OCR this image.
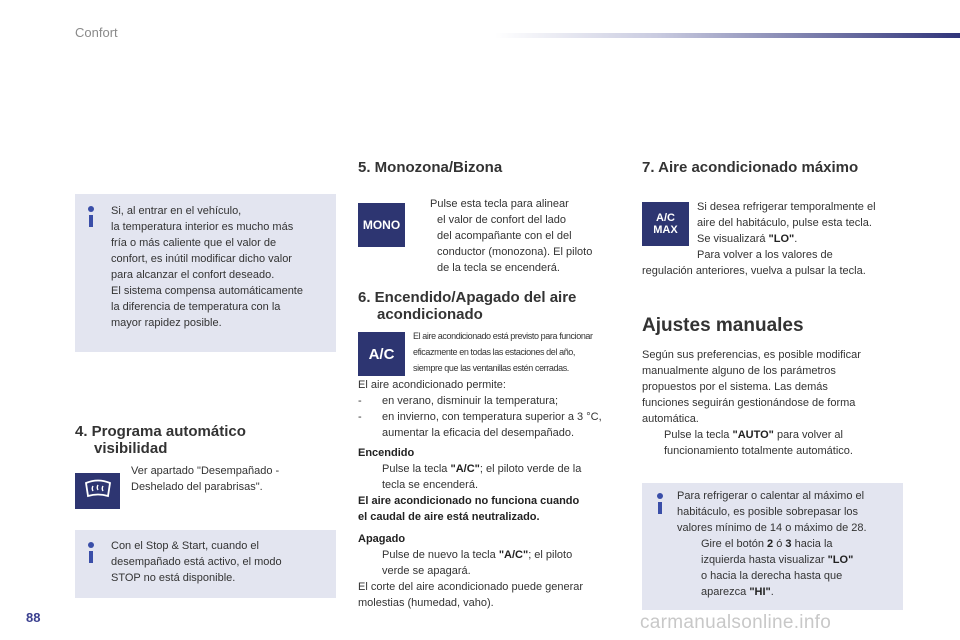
Confort
Si, al entrar en el vehículo,
la temperatura interior es mucho más
fría o más caliente que el valor de
confort, es inútil modificar dicho valor
para alcanzar el confort deseado.
El sistema compensa automáticamente
la diferencia de temperatura con la
mayor rapidez posible.
4. Programa automático
visibilidad
Ver apartado "Desempañado -
Deshelado del parabrisas".
Con el Stop & Start, cuando el
desempañado está activo, el modo
STOP no está disponible.
5. Monozona/Bizona
MONO
Pulse esta tecla para alinear
el valor de confort del lado
del acompañante con el del
conductor (monozona). El piloto
de la tecla se encenderá.
6. Encendido/Apagado del aire
acondicionado
A/C
El aire acondicionado está previsto para funcionar
eficazmente en todas las estaciones del año,
siempre que las ventanillas estén cerradas.
El aire acondicionado permite:
- en verano, disminuir la temperatura;
- en invierno, con temperatura superior a 3 °C,
aumentar la eficacia del desempañado.
Encendido
Pulse la tecla "A/C"; el piloto verde de la
tecla se encenderá.
El aire acondicionado no funciona cuando
el caudal de aire está neutralizado.
Apagado
Pulse de nuevo la tecla "A/C"; el piloto
verde se apagará.
El corte del aire acondicionado puede generar
molestias (humedad, vaho).
7. Aire acondicionado máximo
A/C
MAX
Si desea refrigerar temporalmente el
aire del habitáculo, pulse esta tecla.
Se visualizará "LO".
Para volver a los valores de
regulación anteriores, vuelva a pulsar la tecla.
Ajustes manuales
Según sus preferencias, es posible modificar
manualmente alguno de los parámetros
propuestos por el sistema. Las demás
funciones seguirán gestionándose de forma
automática.
Pulse la tecla "AUTO" para volver al
funcionamiento totalmente automático.
Para refrigerar o calentar al máximo el
habitáculo, es posible sobrepasar los
valores mínimo de 14 o máximo de 28.
Gire el botón 2 ó 3 hacia la
izquierda hasta visualizar "LO"
o hacia la derecha hasta que
aparezca "HI".
88	carmanualsonline.info
